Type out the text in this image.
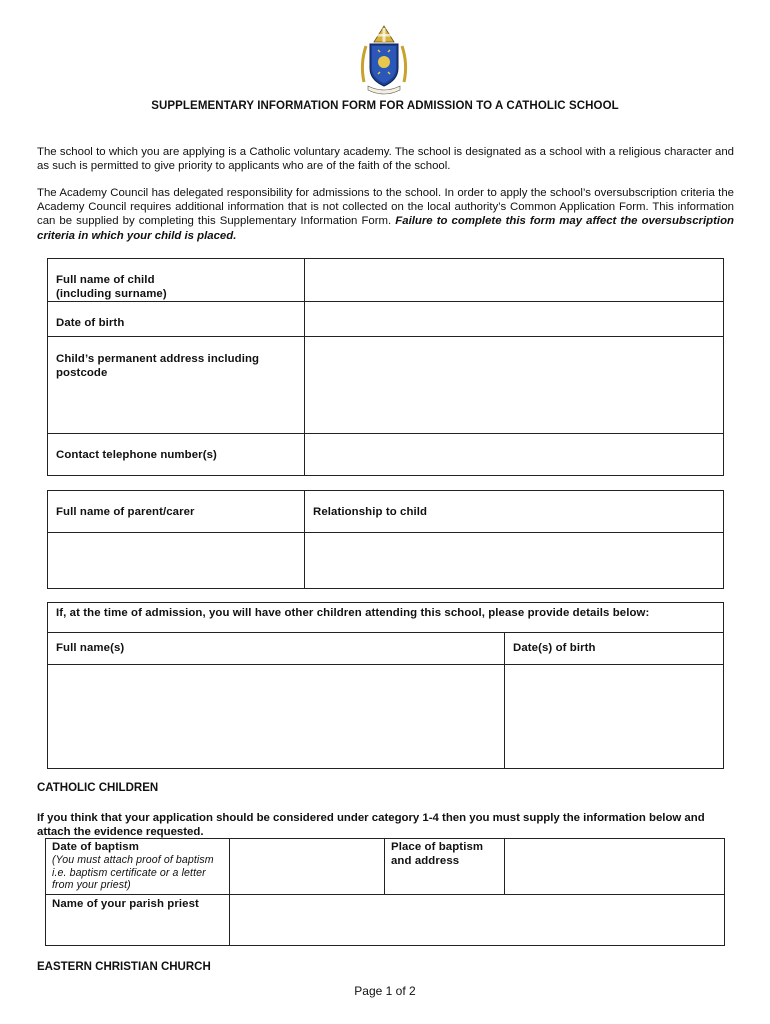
SUPPLEMENTARY INFORMATION FORM FOR ADMISSION TO A CATHOLIC SCHOOL

The school to which you are applying is a Catholic voluntary academy. The school is designated as a school with a religious character and as such is permitted to give priority to applicants who are of the faith of the school.

The Academy Council has delegated responsibility for admissions to the school. In order to apply the school’s oversubscription criteria the Academy Council requires additional information that is not collected on the local authority’s Common Application Form. This information can be supplied by completing this Supplementary Information Form. Failure to complete this form may affect the oversubscription criteria in which your child is placed.

Full name of child
(including surname)	

Date of birth	

Child’s permanent address including postcode	

Contact telephone number(s)	

Full name of parent/carer	Relationship to child

If, at the time of admission, you will have other children attending this school, please provide details below:	

Full name(s)	Date(s) of birth

CATHOLIC CHILDREN

If you think that your application should be considered under category 1-4 then you must supply the information below and attach the evidence requested.

Date of baptism
(You must attach proof of baptism i.e. baptism certificate or a letter from your priest)		Place of baptism and address	

Name of your parish priest			

EASTERN CHRISTIAN CHURCH
Page 1 of 2
